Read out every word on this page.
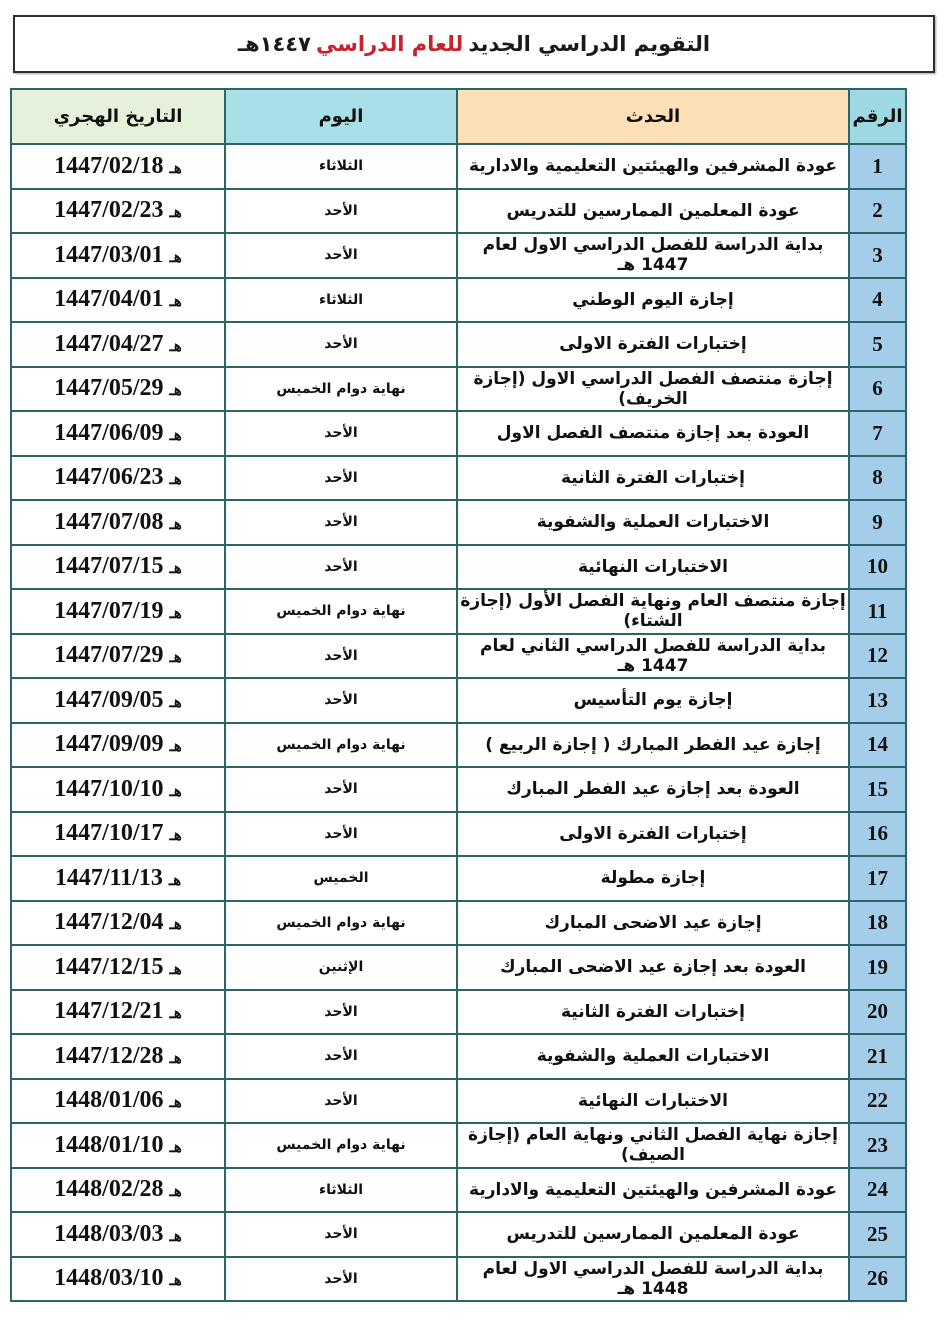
التقويم الدراسي الجديد

للعام الدراسي

١٤٤٧هـ
الرقم	الحدث	اليوم	التاريخ الهجري
1	عودة المشرفين والهيئتين التعليمية والادارية	الثلاثاء	1447/02/18 هـ
2	عودة المعلمين الممارسين للتدريس	الأحد	1447/02/23 هـ
3	بداية الدراسة للفصل الدراسي الاول لعام 1447 هـ	الأحد	1447/03/01 هـ
4	إجازة اليوم الوطني	الثلاثاء	1447/04/01 هـ
5	إختبارات الفترة الاولى	الأحد	1447/04/27 هـ
6	إجازة منتصف الفصل الدراسي الاول (إجازة الخريف)	نهاية دوام الخميس	1447/05/29 هـ
7	العودة بعد إجازة منتصف الفصل الاول	الأحد	1447/06/09 هـ
8	إختبارات الفترة الثانية	الأحد	1447/06/23 هـ
9	الاختبارات العملية والشفوية	الأحد	1447/07/08 هـ
10	الاختبارات النهائية	الأحد	1447/07/15 هـ
11	إجازة منتصف العام ونهاية الفصل الأول (إجازة الشتاء)	نهاية دوام الخميس	1447/07/19 هـ
12	بداية الدراسة للفصل الدراسي الثاني لعام 1447 هـ	الأحد	1447/07/29 هـ
13	إجازة يوم التأسيس	الأحد	1447/09/05 هـ
14	إجازة عيد الفطر المبارك ( إجازة الربيع )	نهاية دوام الخميس	1447/09/09 هـ
15	العودة بعد إجازة عيد الفطر المبارك	الأحد	1447/10/10 هـ
16	إختبارات الفترة الاولى	الأحد	1447/10/17 هـ
17	إجازة مطولة	الخميس	1447/11/13 هـ
18	إجازة عيد الاضحى المبارك	نهاية دوام الخميس	1447/12/04 هـ
19	العودة بعد إجازة عيد الاضحى المبارك	الإثنين	1447/12/15 هـ
20	إختبارات الفترة الثانية	الأحد	1447/12/21 هـ
21	الاختبارات العملية والشفوية	الأحد	1447/12/28 هـ
22	الاختبارات النهائية	الأحد	1448/01/06 هـ
23	إجازة نهاية الفصل الثاني ونهاية العام (إجازة الصيف)	نهاية دوام الخميس	1448/01/10 هـ
24	عودة المشرفين والهيئتين التعليمية والادارية	الثلاثاء	1448/02/28 هـ
25	عودة المعلمين الممارسين للتدريس	الأحد	1448/03/03 هـ
26	بداية الدراسة للفصل الدراسي الاول لعام 1448 هـ	الأحد	1448/03/10 هـ
